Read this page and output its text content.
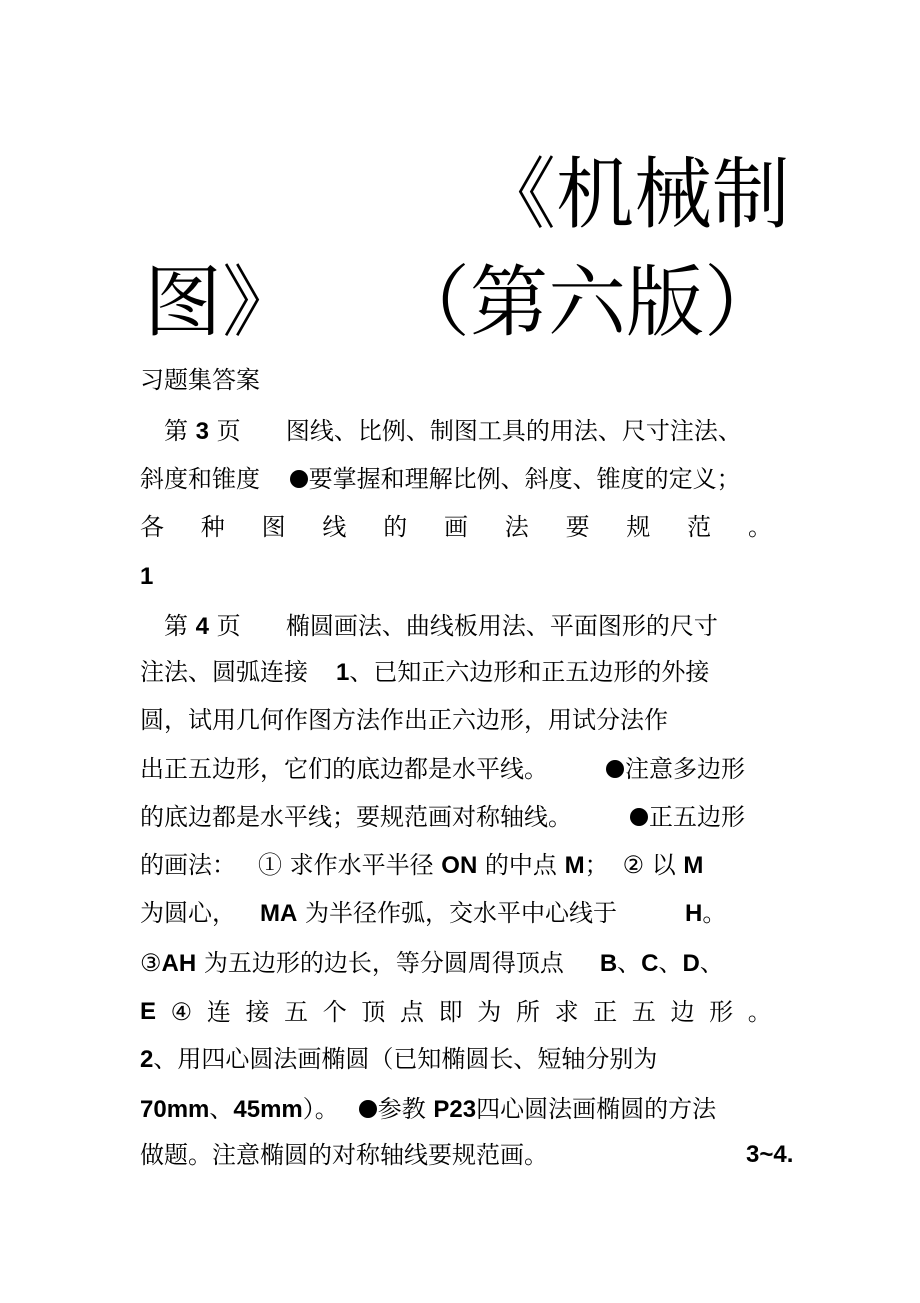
《机械制
图》 （第六版）
习题集答案
第 3 页 图线、比例、制图工具的用法、尺寸注法、
斜度和锥度 要掌握和理解比例、斜度、锥度的定义；
各 种 图 线 的 画 法 要 规 范 。
1
第 4 页 椭圆画法、曲线板用法、平面图形的尺寸
注法、圆弧连接 1、已知正六边形和正五边形的外接
圆，试用几何作图方法作出正六边形，用试分法作
出正五边形，它们的底边都是水平线。	注意多边形
的底边都是水平线；要规范画对称轴线。	正五边形
的画法： ① 求作水平半径 ON 的中点 M； ② 以 M
为圆心， MA 为半径作弧，交水平中心线于	H。
③AH 为五边形的边长，等分圆周得顶点 B、C、D、
E ④ 连 接 五 个 顶 点 即 为 所 求 正 五 边 形 。
2、用四心圆法画椭圆（已知椭圆长、短轴分别为
70mm、45mm）。 参教 P23四心圆法画椭圆的方法
做题。注意椭圆的对称轴线要规范画。	3~4.
